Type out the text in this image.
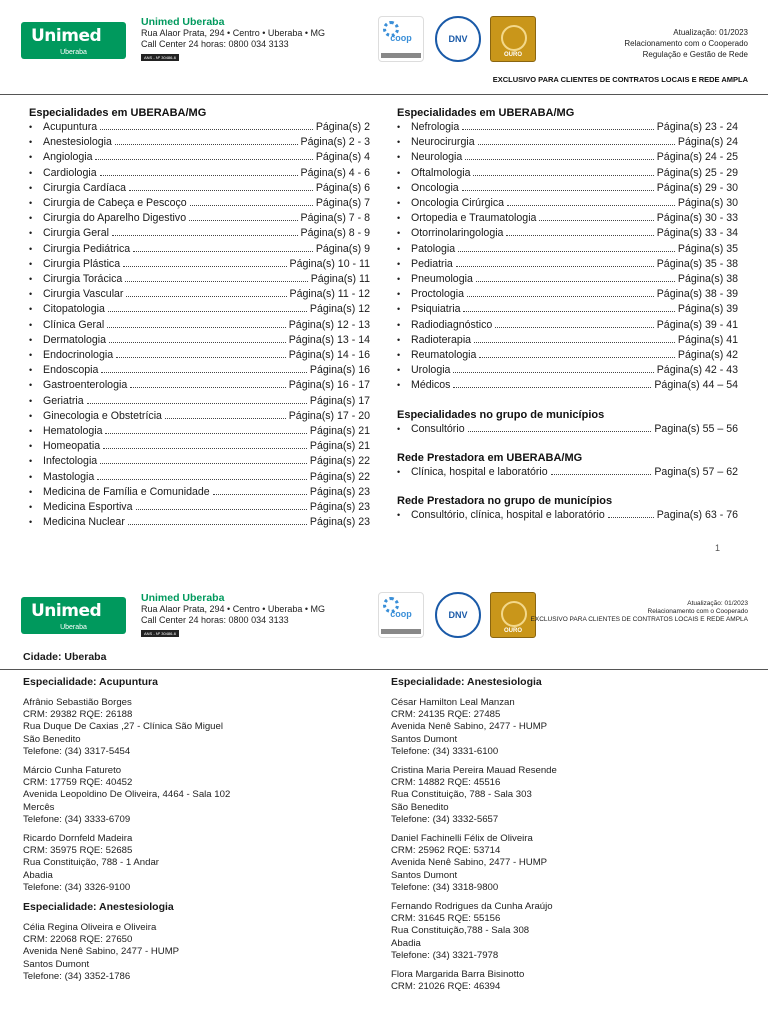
Unimed
Uberaba
Unimed Uberaba
Rua Alaor Prata, 294 • Centro • Uberaba • MG
Call Center 24 horas: 0800 034 3133
ANS - Nº 30486-6
coop	DNV
OURO
Atualização: 01/2023
Relacionamento com o Cooperado
Regulação e Gestão de Rede
EXCLUSIVO PARA CLIENTES DE CONTRATOS LOCAIS E REDE AMPLA
Especialidades em UBERABA/MG
•	Acupuntura	Página(s) 2
•	Anestesiologia	Página(s) 2 - 3
•	Angiologia	Página(s) 4
•	Cardiologia	Página(s) 4 - 6
•	Cirurgia Cardíaca	Página(s) 6
•	Cirurgia de Cabeça e Pescoço	Página(s) 7
•	Cirurgia do Aparelho Digestivo	Página(s) 7 - 8
•	Cirurgia Geral	Página(s) 8 - 9
•	Cirurgia Pediátrica	Página(s) 9
•	Cirurgia Plástica	Página(s) 10 - 11
•	Cirurgia Torácica	Página(s) 11
•	Cirurgia Vascular	Página(s) 11 - 12
•	Citopatologia	Página(s) 12
•	Clínica Geral	Página(s) 12 - 13
•	Dermatologia	Página(s) 13 - 14
•	Endocrinologia	Página(s) 14 - 16
•	Endoscopia	Página(s) 16
•	Gastroenterologia	Página(s) 16 - 17
•	Geriatria	Página(s) 17
•	Ginecologia e Obstetrícia	Página(s) 17 - 20
•	Hematologia	Página(s) 21
•	Homeopatia	Página(s) 21
•	Infectologia	Página(s) 22
•	Mastologia	Página(s) 22
•	Medicina de Família e Comunidade	Página(s) 23
•	Medicina Esportiva	Página(s) 23
•	Medicina Nuclear	Página(s) 23
Especialidades em UBERABA/MG
•	Nefrologia	Página(s) 23 - 24
•	Neurocirurgia	Página(s) 24
•	Neurologia	Página(s) 24 - 25
•	Oftalmologia	Página(s) 25 - 29
•	Oncologia	Página(s) 29 - 30
•	Oncologia Cirúrgica	Página(s) 30
•	Ortopedia e Traumatologia	Página(s) 30 - 33
•	Otorrinolaringologia	Página(s) 33 - 34
•	Patologia	Página(s) 35
•	Pediatria	Página(s) 35 - 38
•	Pneumologia	Página(s) 38
•	Proctologia	Página(s) 38 - 39
•	Psiquiatria	Página(s) 39
•	Radiodiagnóstico	Página(s) 39 - 41
•	Radioterapia	Página(s) 41
•	Reumatologia	Página(s) 42
•	Urologia	Página(s) 42 - 43
•	Médicos	Página(s) 44 – 54
Especialidades no grupo de municípios
•	Consultório	Pagina(s) 55 – 56
Rede Prestadora em UBERABA/MG
•	Clínica, hospital e laboratório	Pagina(s) 57 – 62
Rede Prestadora no grupo de municípios
•	Consultório, clínica, hospital e laboratório	Pagina(s) 63 - 76
1
Unimed
Uberaba
Unimed Uberaba
Rua Alaor Prata, 294 • Centro • Uberaba • MG
Call Center 24 horas: 0800 034 3133
ANS - Nº 30486-6
coop	DNV
OURO
Atualização: 01/2023
Relacionamento com o Cooperado
EXCLUSIVO PARA CLIENTES DE CONTRATOS LOCAIS E REDE AMPLA
Cidade: Uberaba
Especialidade: Acupuntura
Afrânio Sebastião Borges
CRM: 29382 RQE: 26188
Rua Duque De Caxias ,27 - Clínica São Miguel
São Benedito
Telefone: (34) 3317-5454
Márcio Cunha Fatureto
CRM: 17759 RQE: 40452
Avenida Leopoldino De Oliveira, 4464 - Sala 102
Mercês
Telefone: (34) 3333-6709
Ricardo Dornfeld Madeira
CRM: 35975 RQE: 52685
Rua Constituição, 788 - 1 Andar
Abadia
Telefone: (34) 3326-9100
Especialidade: Anestesiologia
Célia Regina Oliveira e Oliveira
CRM: 22068 RQE: 27650
Avenida Nenê Sabino, 2477 - HUMP
Santos Dumont
Telefone: (34) 3352-1786
Especialidade: Anestesiologia
César Hamilton Leal Manzan
CRM: 24135 RQE: 27485
Avenida Nenê Sabino, 2477 - HUMP
Santos Dumont
Telefone: (34) 3331-6100
Cristina Maria Pereira Mauad Resende
CRM: 14882 RQE: 45516
Rua Constituição, 788 - Sala 303
São Benedito
Telefone: (34) 3332-5657
Daniel Fachinelli Félix de Oliveira
CRM: 25962 RQE: 53714
Avenida Nenê Sabino, 2477 - HUMP
Santos Dumont
Telefone: (34) 3318-9800
Fernando Rodrigues da Cunha Araújo
CRM: 31645 RQE: 55156
Rua Constituição,788 - Sala 308
Abadia
Telefone: (34) 3321-7978
Flora Margarida Barra Bisinotto
CRM: 21026 RQE: 46394
